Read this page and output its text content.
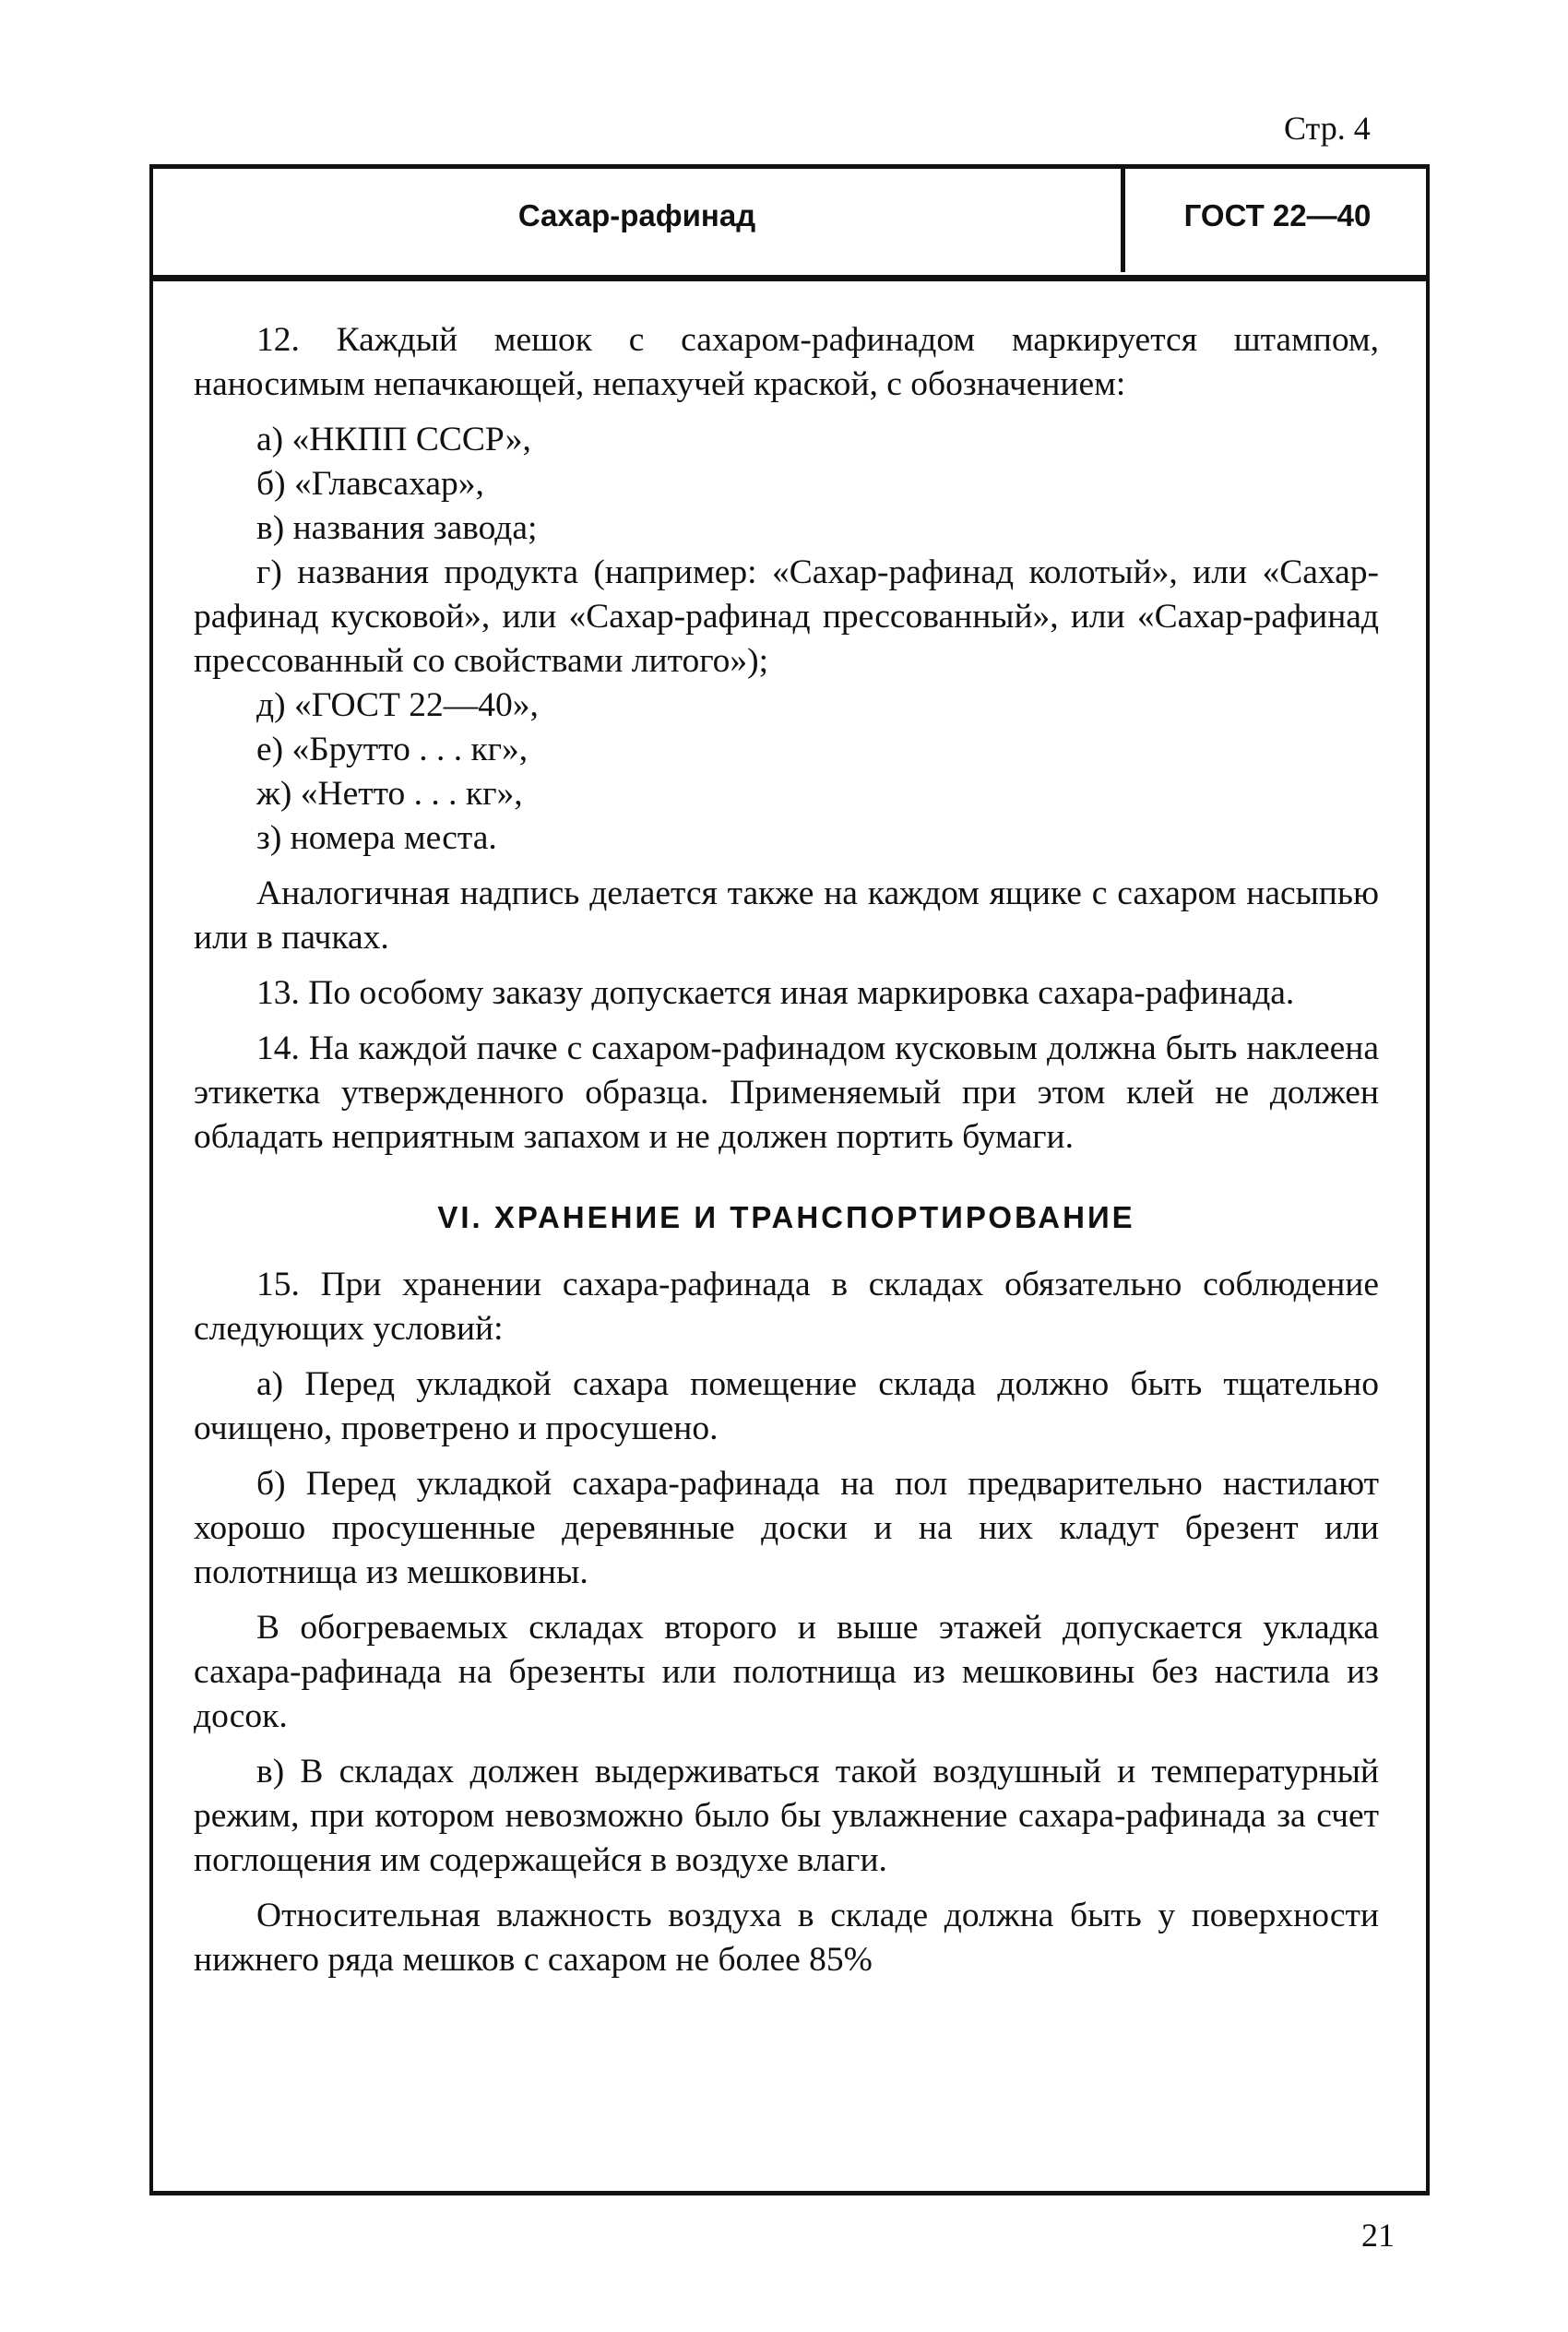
Стр. 4
Сахар-рафинад	ГОСТ 22—40

12. Каждый мешок с сахаром-рафинадом маркируется штампом, наносимым непачкающей, непахучей краской, с обозначением:

а) «НКПП СССР»,

б) «Главсахар»,

в) названия завода;

г) названия продукта (например: «Сахар-рафинад колотый», или «Сахар-рафинад кусковой», или «Сахар-рафинад прессованный», или «Сахар-рафинад прессованный со свойствами литого»);

д) «ГОСТ 22—40»,

е) «Брутто . . . кг»,

ж) «Нетто . . . кг»,

з) номера места.

Аналогичная надпись делается также на каждом ящике с сахаром насыпью или в пачках.

13. По особому заказу допускается иная маркировка сахара-рафинада.

14. На каждой пачке с сахаром-рафинадом кусковым должна быть наклеена этикетка утвержденного образца. Применяемый при этом клей не должен обладать неприятным запахом и не должен портить бумаги.

VI. ХРАНЕНИЕ И ТРАНСПОРТИРОВАНИЕ

15. При хранении сахара-рафинада в складах обязательно соблюдение следующих условий:

а) Перед укладкой сахара помещение склада должно быть тщательно очищено, проветрено и просушено.

б) Перед укладкой сахара-рафинада на пол предварительно настилают хорошо просушенные деревянные доски и на них кладут брезент или полотнища из мешковины.

В обогреваемых складах второго и выше этажей допускается укладка сахара-рафинада на брезенты или полотнища из мешковины без настила из досок.

в) В складах должен выдерживаться такой воздушный и температурный режим, при котором невозможно было бы увлажнение сахара-рафинада за счет поглощения им содержащейся в воздухе влаги.

Относительная влажность воздуха в складе должна быть у поверхности нижнего ряда мешков с сахаром не более 85%

21
